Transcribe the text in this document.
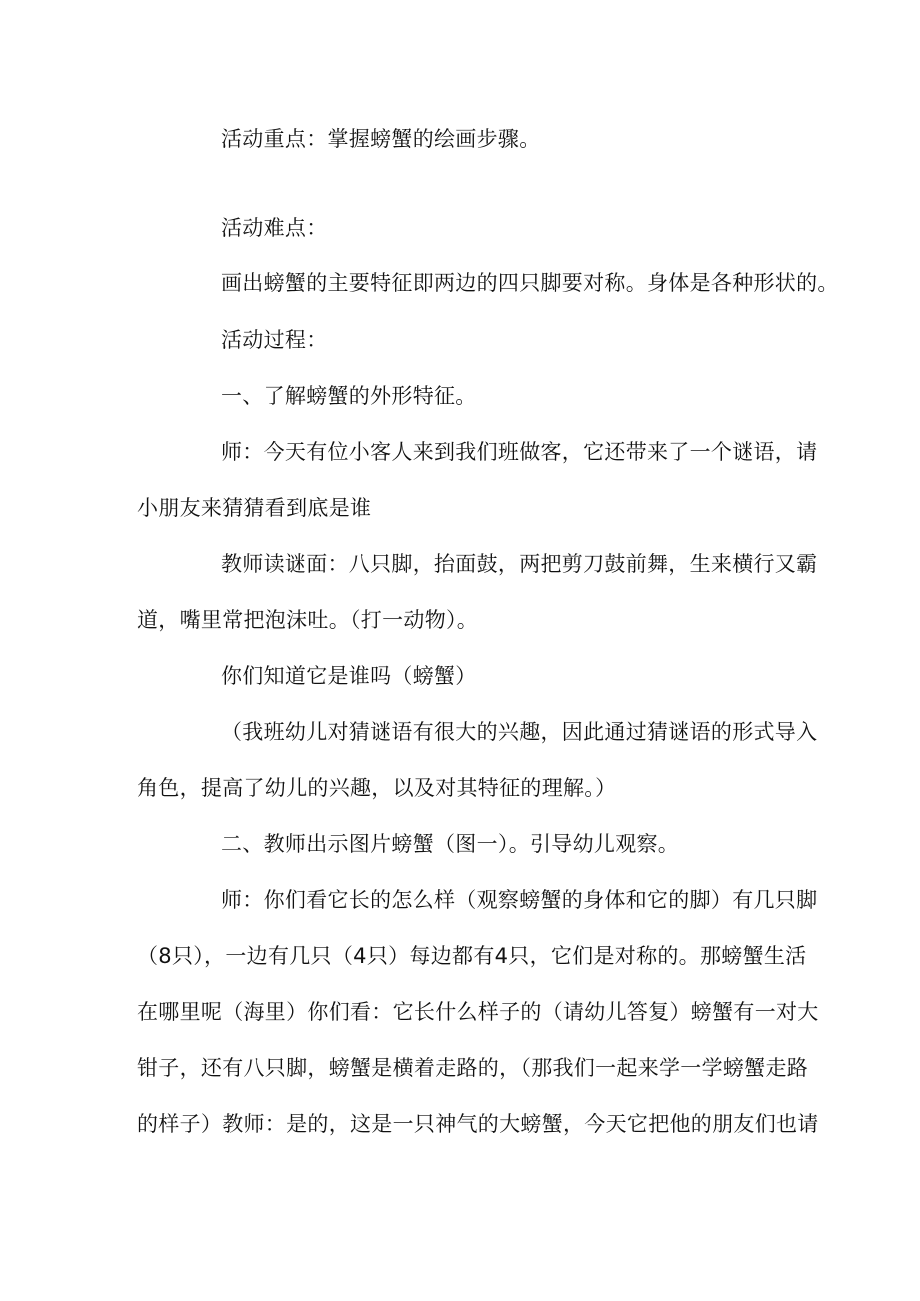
活动重点：掌握螃蟹的绘画步骤。
活动难点：
画出螃蟹的主要特征即两边的四只脚要对称。身体是各种形状的。
活动过程：
一、了解螃蟹的外形特征。
师：今天有位小客人来到我们班做客，它还带来了一个谜语，请
小朋友来猜猜看到底是谁
教师读谜面：八只脚，抬面鼓，两把剪刀鼓前舞，生来横行又霸
道，嘴里常把泡沫吐。（打一动物）。
你们知道它是谁吗（螃蟹）
（我班幼儿对猜谜语有很大的兴趣，因此通过猜谜语的形式导入
角色，提高了幼儿的兴趣，以及对其特征的理解。）
二、教师出示图片螃蟹（图一）。引导幼儿观察。
师：你们看它长的怎么样（观察螃蟹的身体和它的脚）有几只脚
（8只），一边有几只（4只）每边都有4只，它们是对称的。那螃蟹生活
在哪里呢（海里）你们看：它长什么样子的（请幼儿答复）螃蟹有一对大
钳子，还有八只脚，螃蟹是横着走路的，（那我们一起来学一学螃蟹走路
的样子）教师：是的，这是一只神气的大螃蟹，今天它把他的朋友们也请
